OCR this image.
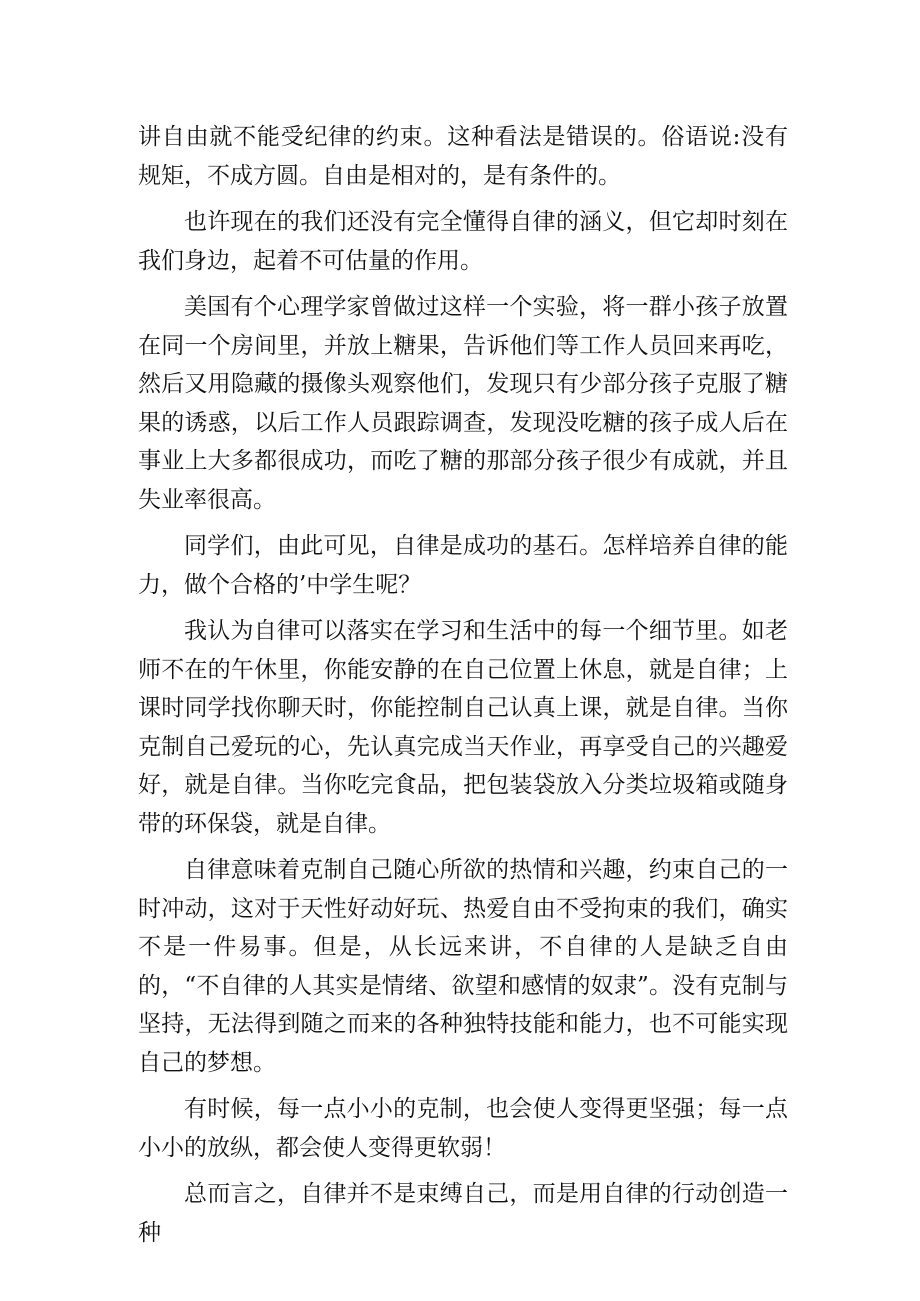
讲自由就不能受纪律的约束。这种看法是错误的。俗语说:没有规矩，不成方圆。自由是相对的，是有条件的。

也许现在的我们还没有完全懂得自律的涵义，但它却时刻在我们身边，起着不可估量的作用。

美国有个心理学家曾做过这样一个实验，将一群小孩子放置在同一个房间里，并放上糖果，告诉他们等工作人员回来再吃，然后又用隐藏的摄像头观察他们，发现只有少部分孩子克服了糖果的诱惑，以后工作人员跟踪调查，发现没吃糖的孩子成人后在事业上大多都很成功，而吃了糖的那部分孩子很少有成就，并且失业率很高。

同学们，由此可见，自律是成功的基石。怎样培养自律的能力，做个合格的’中学生呢？

我认为自律可以落实在学习和生活中的每一个细节里。如老师不在的午休里，你能安静的在自己位置上休息，就是自律；上课时同学找你聊天时，你能控制自己认真上课，就是自律。当你克制自己爱玩的心，先认真完成当天作业，再享受自己的兴趣爱好，就是自律。当你吃完食品，把包装袋放入分类垃圾箱或随身带的环保袋，就是自律。

自律意味着克制自己随心所欲的热情和兴趣，约束自己的一时冲动，这对于天性好动好玩、热爱自由不受拘束的我们，确实不是一件易事。但是，从长远来讲，不自律的人是缺乏自由的，“不自律的人其实是情绪、欲望和感情的奴隶”。没有克制与坚持，无法得到随之而来的各种独特技能和能力，也不可能实现自己的梦想。

有时候，每一点小小的克制，也会使人变得更坚强；每一点小小的放纵，都会使人变得更软弱！

总而言之，自律并不是束缚自己，而是用自律的行动创造一种
